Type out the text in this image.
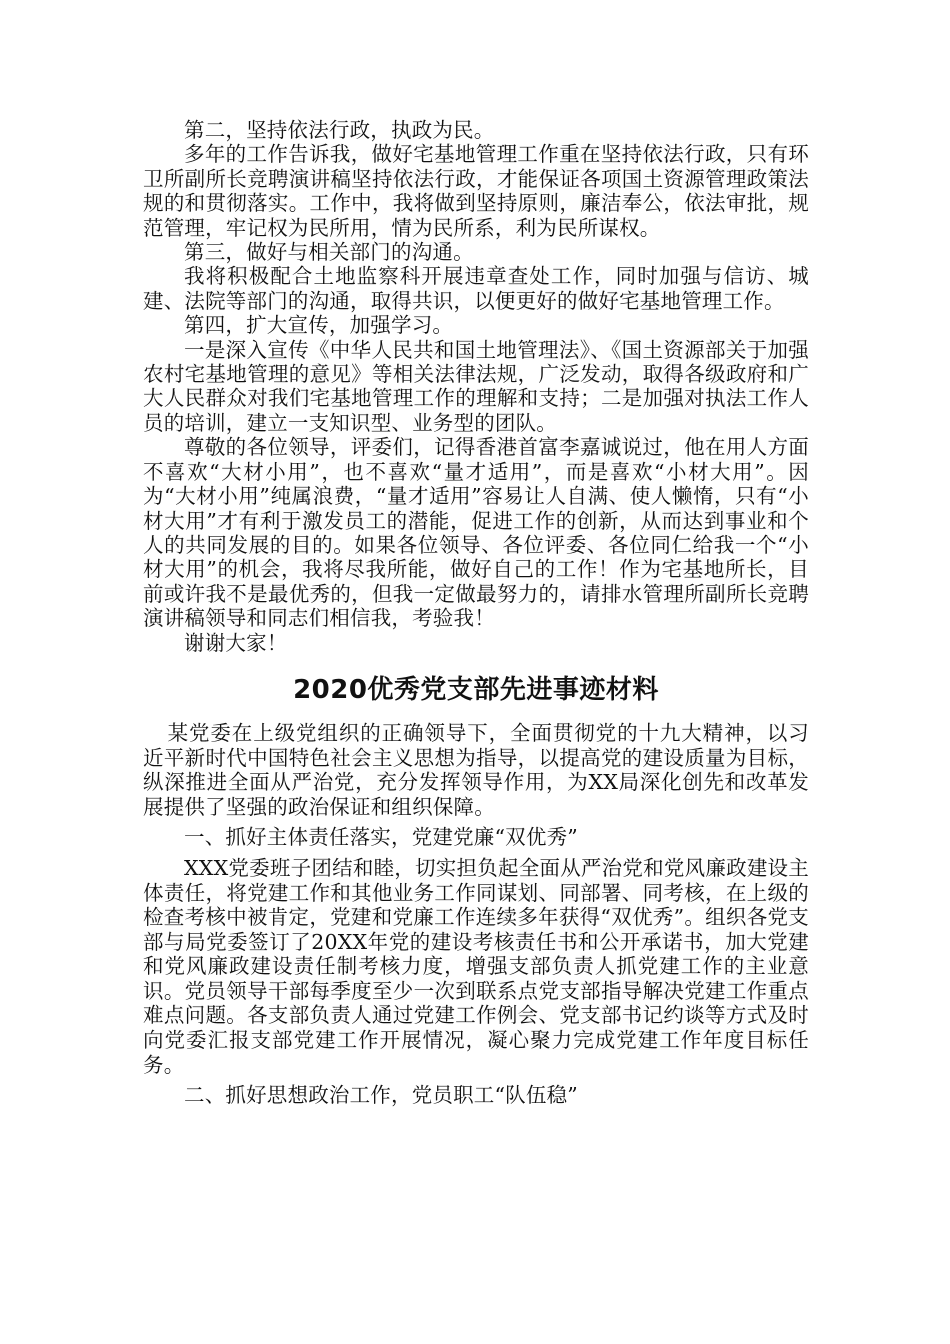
第二，坚持依法行政，执政为民。

多年的工作告诉我，做好宅基地管理工作重在坚持依法行政，只有环卫所副所长竞聘演讲稿坚持依法行政，才能保证各项国土资源管理政策法规的和贯彻落实。工作中，我将做到坚持原则，廉洁奉公，依法审批，规范管理，牢记权为民所用，情为民所系，利为民所谋权。

第三，做好与相关部门的沟通。

我将积极配合土地监察科开展违章查处工作，同时加强与信访、城建、法院等部门的沟通，取得共识，以便更好的做好宅基地管理工作。

第四，扩大宣传，加强学习。

一是深入宣传《中华人民共和国土地管理法》、《国土资源部关于加强农村宅基地管理的意见》等相关法律法规，广泛发动，取得各级政府和广大人民群众对我们宅基地管理工作的理解和支持；二是加强对执法工作人员的培训，建立一支知识型、业务型的团队。

尊敬的各位领导，评委们，记得香港首富李嘉诚说过，他在用人方面不喜欢“大材小用”，也不喜欢“量才适用”，而是喜欢“小材大用”。因为“大材小用”纯属浪费，“量才适用”容易让人自满、使人懒惰，只有“小材大用”才有利于激发员工的潜能，促进工作的创新，从而达到事业和个人的共同发展的目的。如果各位领导、各位评委、各位同仁给我一个“小材大用”的机会，我将尽我所能，做好自己的工作！作为宅基地所长，目前或许我不是最优秀的，但我一定做最努力的，请排水管理所副所长竞聘演讲稿领导和同志们相信我，考验我！

谢谢大家！

2020优秀党支部先进事迹材料

某党委在上级党组织的正确领导下，全面贯彻党的十九大精神，以习近平新时代中国特色社会主义思想为指导，以提高党的建设质量为目标，纵深推进全面从严治党，充分发挥领导作用，为XX局深化创先和改革发展提供了坚强的政治保证和组织保障。

一、抓好主体责任落实，党建党廉“双优秀”

XXX党委班子团结和睦，切实担负起全面从严治党和党风廉政建设主体责任，将党建工作和其他业务工作同谋划、同部署、同考核，在上级的检查考核中被肯定，党建和党廉工作连续多年获得“双优秀”。组织各党支部与局党委签订了20XX年党的建设考核责任书和公开承诺书，加大党建和党风廉政建设责任制考核力度，增强支部负责人抓党建工作的主业意识。党员领导干部每季度至少一次到联系点党支部指导解决党建工作重点难点问题。各支部负责人通过党建工作例会、党支部书记约谈等方式及时向党委汇报支部党建工作开展情况，凝心聚力完成党建工作年度目标任务。

二、抓好思想政治工作，党员职工“队伍稳”
